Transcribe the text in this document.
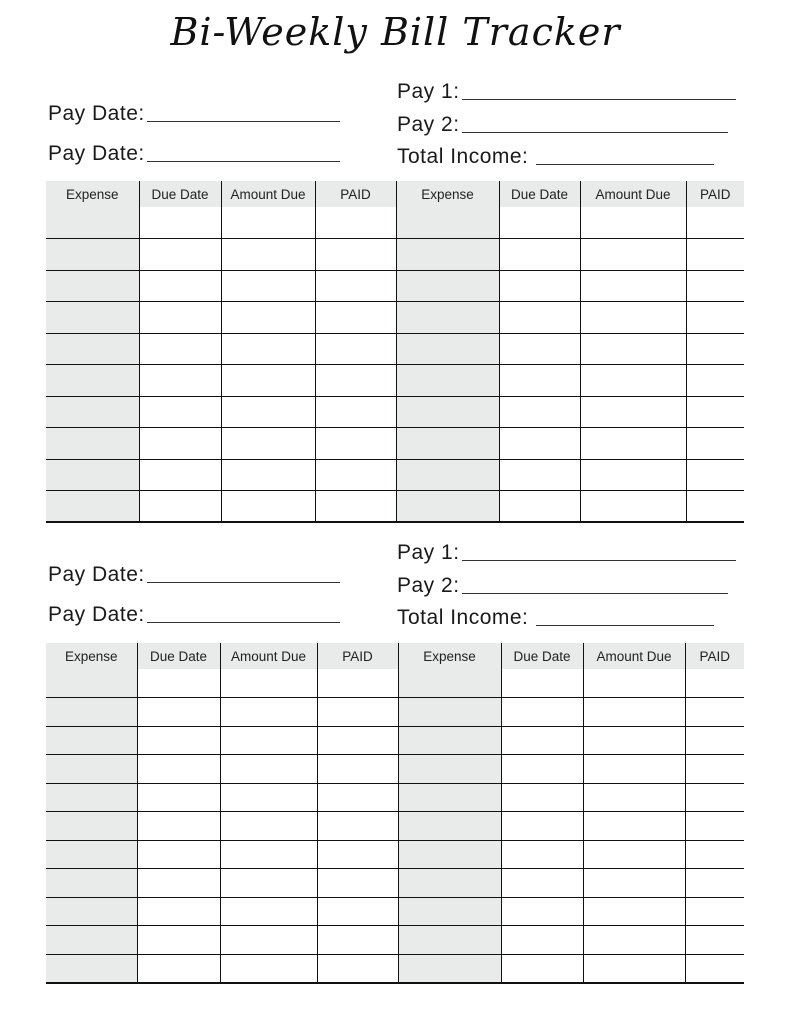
Bi-Weekly Bill Tracker
Pay Date:
Pay Date:
Pay 1:
Pay 2:
Total Income:
Expense	Due Date	Amount Due	PAID	Expense	Due Date	Amount Due	PAID

Pay Date:
Pay Date:
Pay 1:
Pay 2:
Total Income:
Expense	Due Date	Amount Due	PAID	Expense	Due Date	Amount Due	PAID
